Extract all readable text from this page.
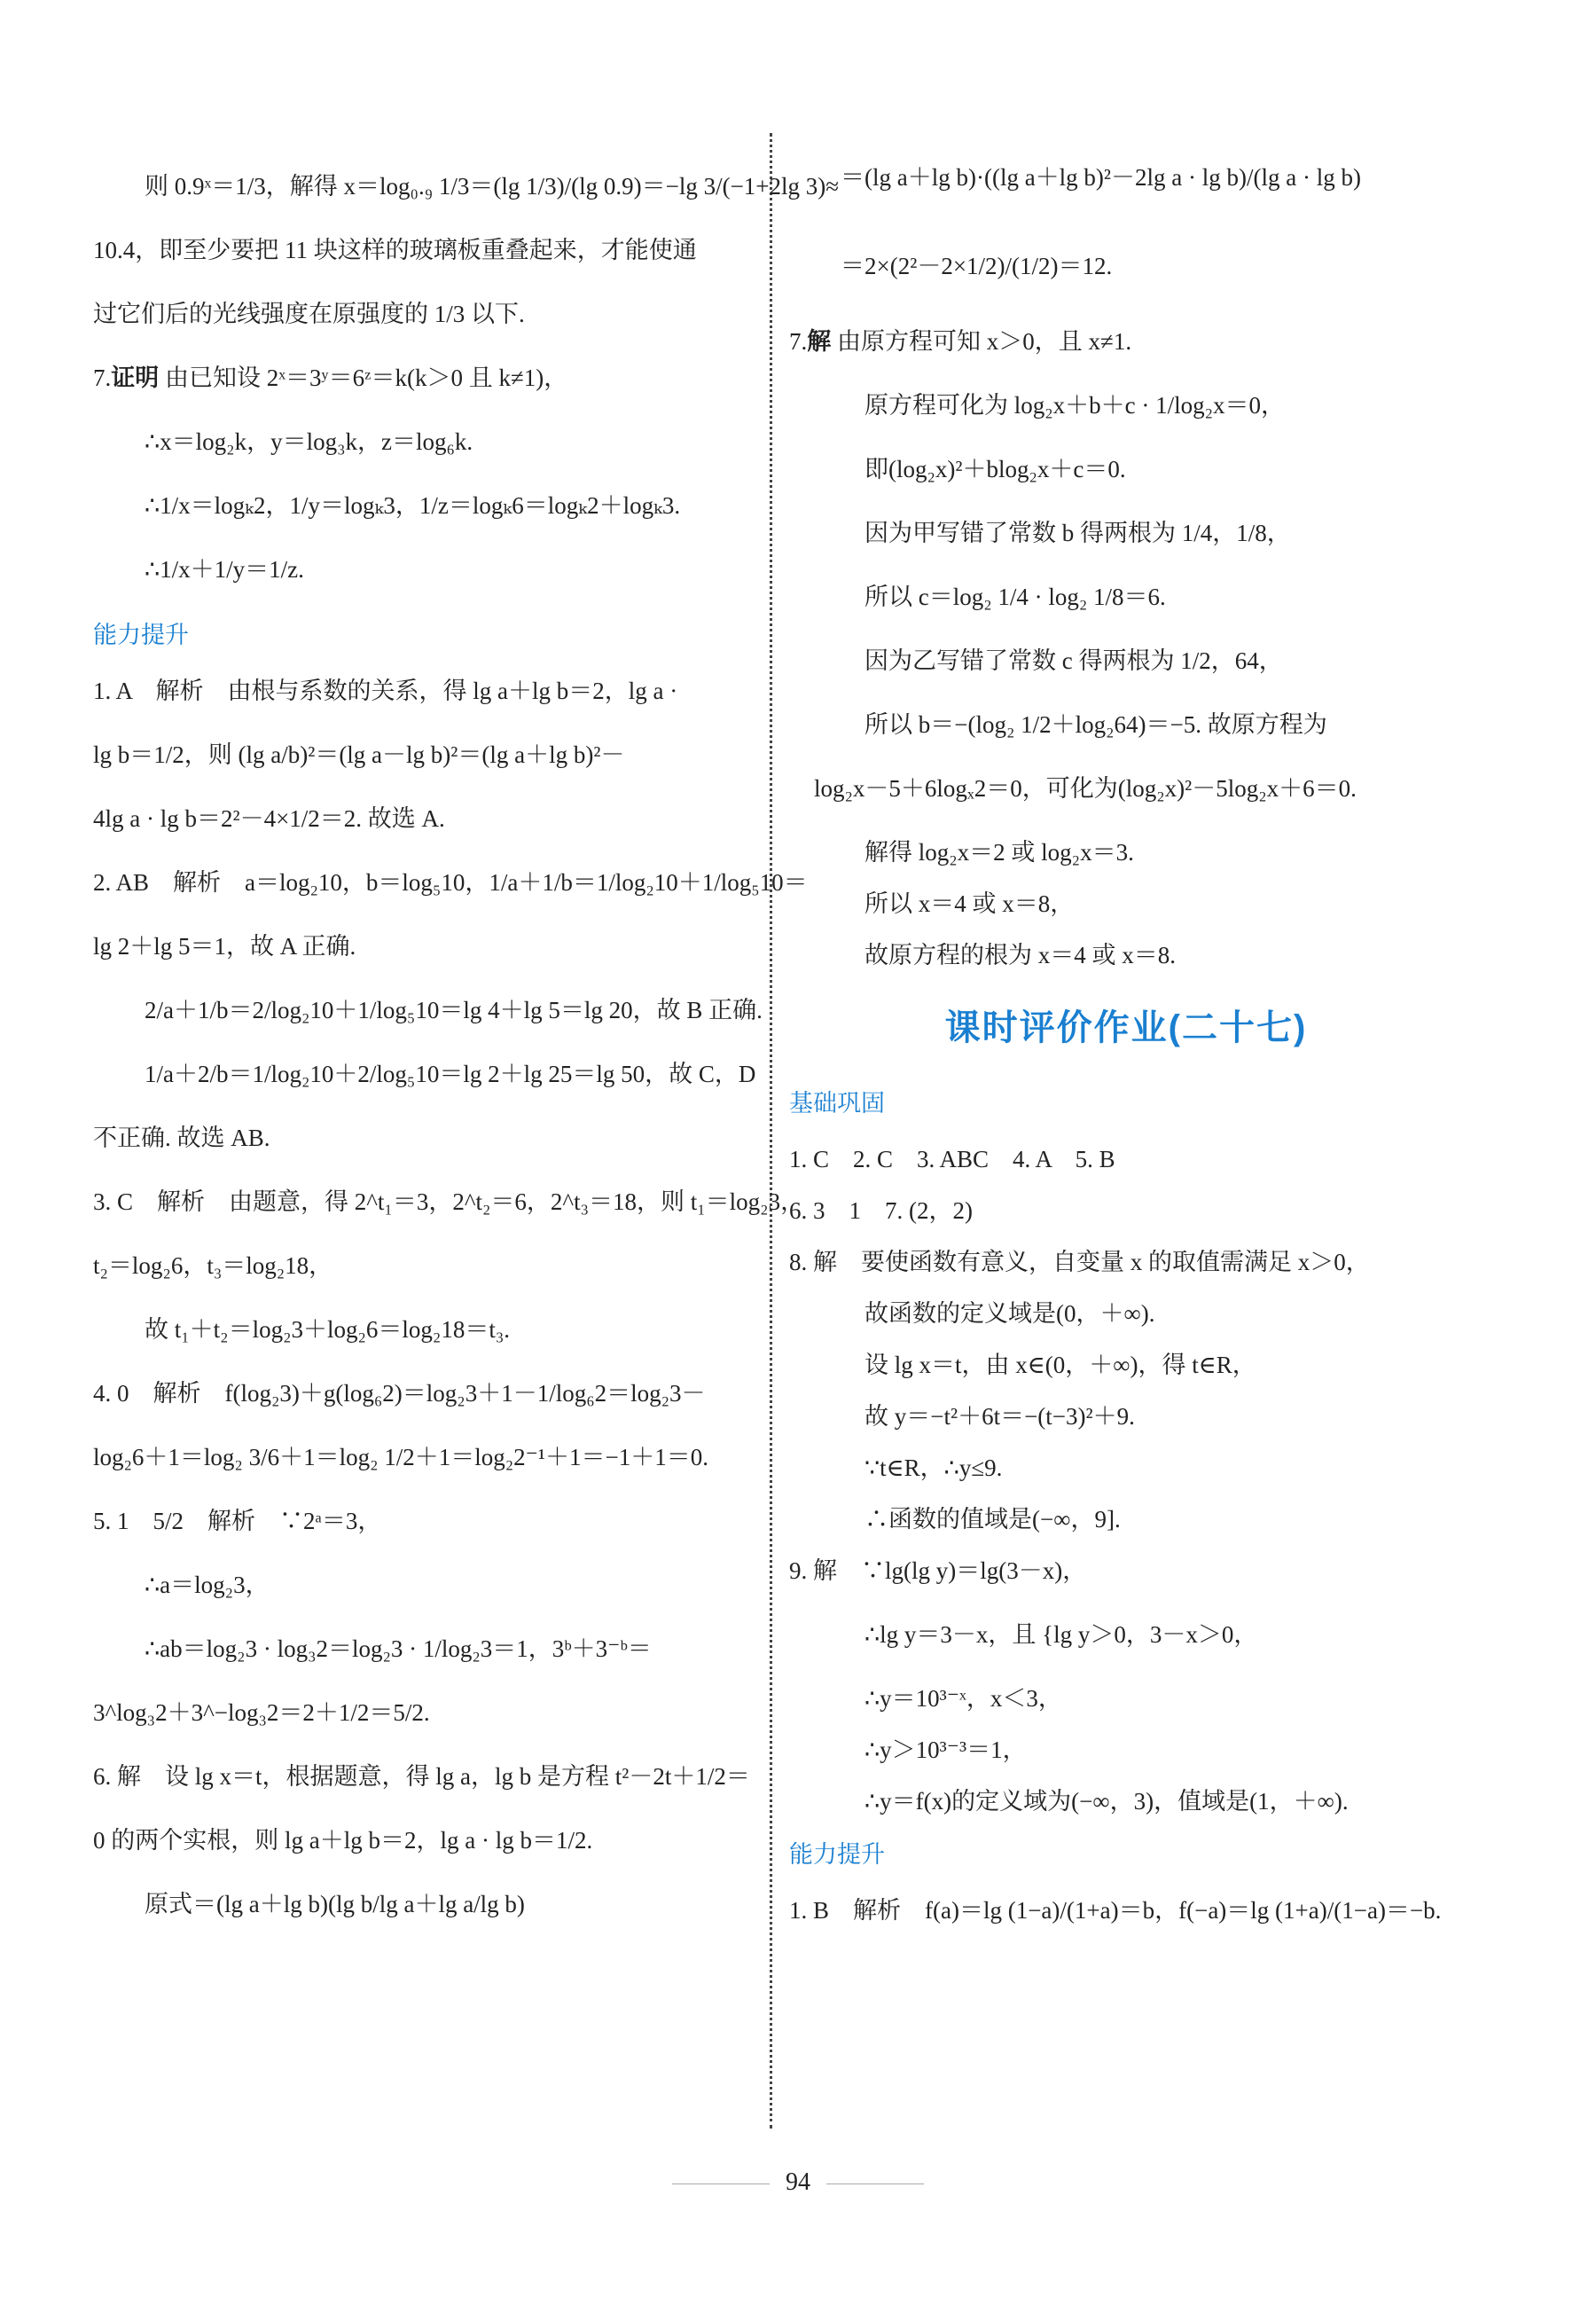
则 0.9ˣ＝1/3，解得 x＝log₀.₉ 1/3＝(lg 1/3)/(lg 0.9)＝−lg 3/(−1+2lg 3)≈
10.4，即至少要把 11 块这样的玻璃板重叠起来，才能使通
过它们后的光线强度在原强度的 1/3 以下.
7.证明 由已知设 2ˣ＝3ʸ＝6ᶻ＝k(k＞0 且 k≠1)，
∴x＝log₂k，y＝log₃k，z＝log₆k.
∴1/x＝logₖ2，1/y＝logₖ3，1/z＝logₖ6＝logₖ2＋logₖ3.
∴1/x＋1/y＝1/z.
能力提升
1. A　解析　由根与系数的关系，得 lg a＋lg b＝2，lg a ·
lg b＝1/2，则 (lg a/b)²＝(lg a－lg b)²＝(lg a＋lg b)²－
4lg a · lg b＝2²－4×1/2＝2. 故选 A.
2. AB　解析　a＝log₂10，b＝log₅10，1/a＋1/b＝1/log₂10＋1/log₅10＝
lg 2＋lg 5＝1，故 A 正确.
2/a＋1/b＝2/log₂10＋1/log₅10＝lg 4＋lg 5＝lg 20，故 B 正确.
1/a＋2/b＝1/log₂10＋2/log₅10＝lg 2＋lg 25＝lg 50，故 C，D
不正确. 故选 AB.
3. C　解析　由题意，得 2^t₁＝3，2^t₂＝6，2^t₃＝18，则 t₁＝log₂3，
t₂＝log₂6，t₃＝log₂18，
故 t₁＋t₂＝log₂3＋log₂6＝log₂18＝t₃.
4. 0　解析　f(log₂3)＋g(log₆2)＝log₂3＋1－1/log₆2＝log₂3－
log₂6＋1＝log₂ 3/6＋1＝log₂ 1/2＋1＝log₂2⁻¹＋1＝−1＋1＝0.
5. 1　5/2　解析　∵2ᵃ＝3，
∴a＝log₂3，
∴ab＝log₂3 · log₃2＝log₂3 · 1/log₂3＝1，3ᵇ＋3⁻ᵇ＝
3^log₃2＋3^−log₃2＝2＋1/2＝5/2.
6. 解　设 lg x＝t，根据题意，得 lg a，lg b 是方程 t²－2t＋1/2＝
0 的两个实根，则 lg a＋lg b＝2，lg a · lg b＝1/2.
原式＝(lg a＋lg b)(lg b/lg a＋lg a/lg b)
＝(lg a＋lg b)·((lg a＋lg b)²－2lg a · lg b)/(lg a · lg b)
＝2×(2²－2×1/2)/(1/2)＝12.
7.解 由原方程可知 x＞0，且 x≠1.
原方程可化为 log₂x＋b＋c · 1/log₂x＝0，
即(log₂x)²＋blog₂x＋c＝0.
因为甲写错了常数 b 得两根为 1/4，1/8，
所以 c＝log₂ 1/4 · log₂ 1/8＝6.
因为乙写错了常数 c 得两根为 1/2，64，
所以 b＝−(log₂ 1/2＋log₂64)＝−5. 故原方程为
log₂x－5＋6logₓ2＝0，可化为(log₂x)²－5log₂x＋6＝0.
解得 log₂x＝2 或 log₂x＝3.
所以 x＝4 或 x＝8，
故原方程的根为 x＝4 或 x＝8.
课时评价作业(二十七)
基础巩固
1. C　2. C　3. ABC　4. A　5. B
6. 3　1　7. (2，2)
8. 解　要使函数有意义，自变量 x 的取值需满足 x＞0，
故函数的定义域是(0，＋∞).
设 lg x＝t，由 x∈(0，＋∞)，得 t∈R，
故 y＝−t²＋6t＝−(t−3)²＋9.
∵t∈R，∴y≤9.
∴函数的值域是(−∞，9].
9. 解　∵lg(lg y)＝lg(3－x)，
∴lg y＝3－x，且 {lg y＞0，3－x＞0，
∴y＝10³⁻ˣ，x＜3，
∴y＞10³⁻³＝1，
∴y＝f(x)的定义域为(−∞，3)，值域是(1，＋∞).
能力提升
1. B　解析　f(a)＝lg (1−a)/(1+a)＝b，f(−a)＝lg (1+a)/(1−a)＝−b.
94
